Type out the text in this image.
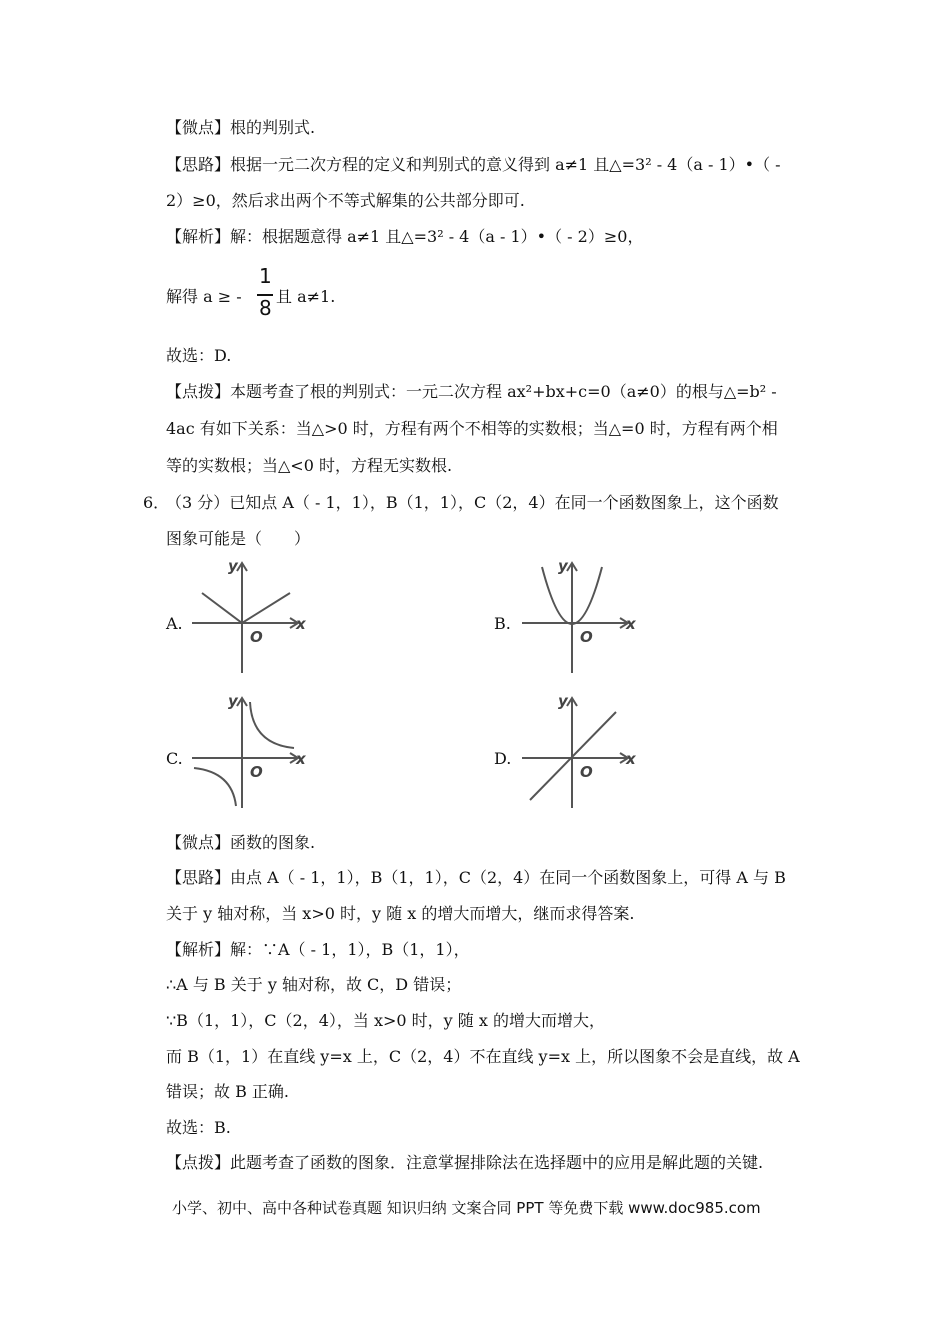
【微点】根的判别式.
【思路】根据一元二次方程的定义和判别式的意义得到 a≠1 且△=3² - 4（a - 1）•（ -
2）≥0，然后求出两个不等式解集的公共部分即可.
【解析】解：根据题意得 a≠1 且△=3² - 4（a - 1）•（ - 2）≥0，
解得 a ≥ -
1
8 且 a≠1.
故选：D.
【点拨】本题考查了根的判别式：一元二次方程 ax²+bx+c=0（a≠0）的根与△=b² -
4ac 有如下关系：当△>0 时，方程有两个不相等的实数根；当△=0 时，方程有两个相
等的实数根；当△<0 时，方程无实数根.
6．
（3 分）已知点 A（ - 1，1），B（1，1），C（2，4）在同一个函数图象上，这个函数
图象可能是（　　）
A.
y
x
O
B.
y
x
O
C.
y
x
O
D.
y
x
O
【微点】函数的图象.
【思路】由点 A（ - 1，1），B（1，1），C（2，4）在同一个函数图象上，可得 A 与 B
关于 y 轴对称，当 x>0 时，y 随 x 的增大而增大，继而求得答案.
【解析】解：∵A（ - 1，1），B（1，1），
∴A 与 B 关于 y 轴对称，故 C，D 错误；
∵B（1，1），C（2，4），当 x>0 时，y 随 x 的增大而增大，
而 B（1，1）在直线 y=x 上，C（2，4）不在直线 y=x 上，所以图象不会是直线，故 A
错误；故 B 正确.
故选：B.
【点拨】此题考查了函数的图象．注意掌握排除法在选择题中的应用是解此题的关键.
小学、初中、高中各种试卷真题 知识归纳 文案合同 PPT 等免费下载 www.doc985.com
